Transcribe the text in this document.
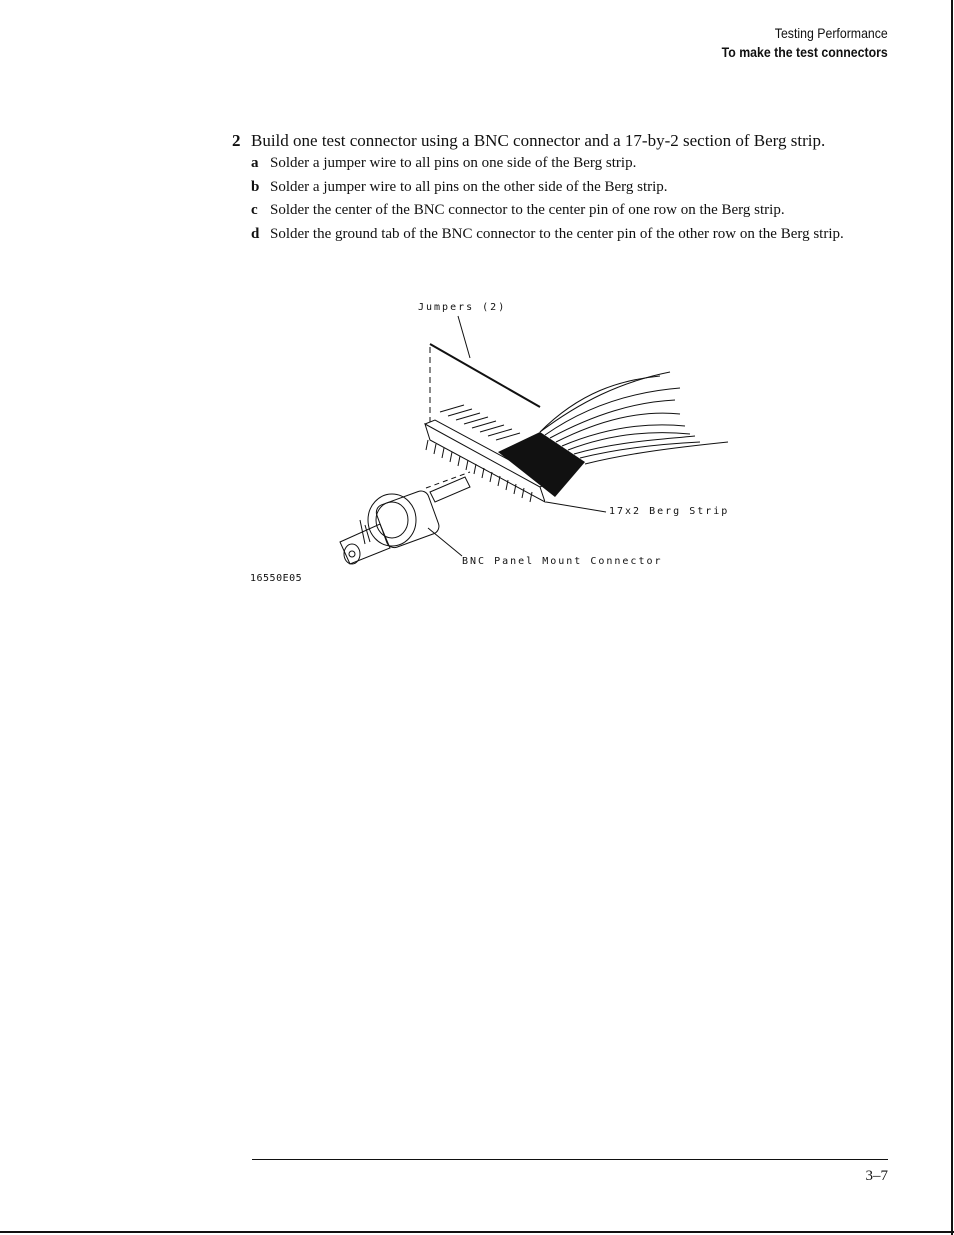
Testing Performance
To make the test connectors
2 Build one test connector using a BNC connector and a 17-by-2 section of Berg strip.
a Solder a jumper wire to all pins on one side of the Berg strip.
b Solder a jumper wire to all pins on the other side of the Berg strip.
c Solder the center of the BNC connector to the center pin of one row on the Berg strip.
d Solder the ground tab of the BNC connector to the center pin of the other row on the Berg strip.
Jumpers (2)
17x2 Berg Strip
BNC Panel Mount Connector
16550E05
3–7
